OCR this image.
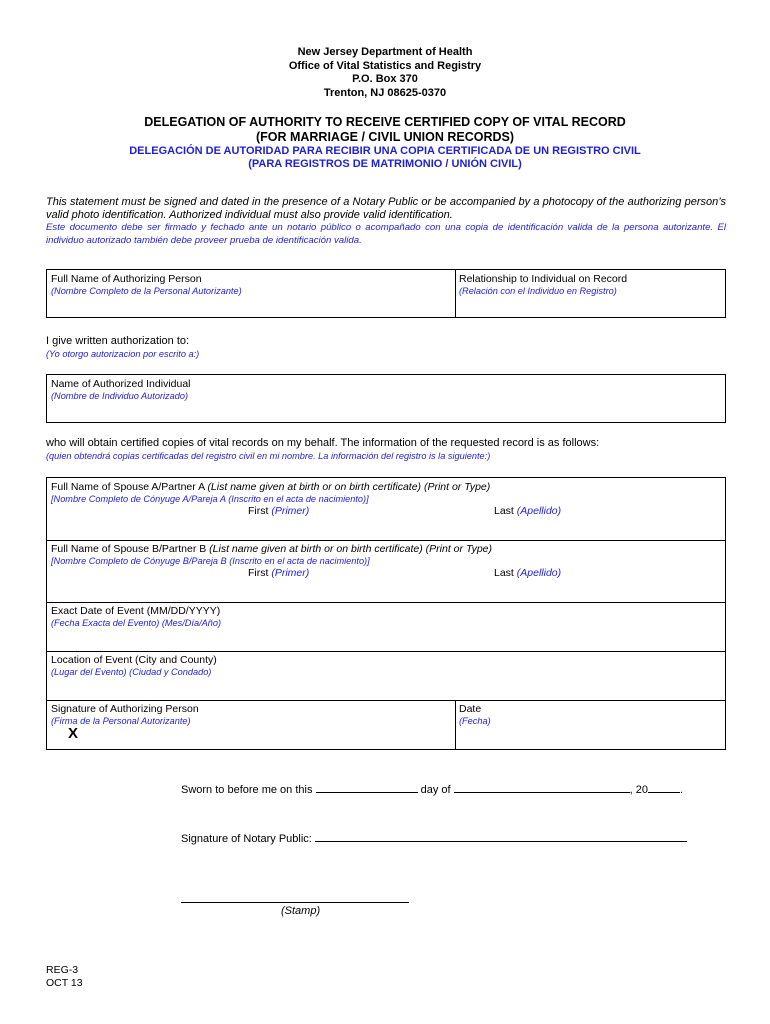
New Jersey Department of Health
Office of Vital Statistics and Registry
P.O. Box 370
Trenton, NJ 08625-0370
DELEGATION OF AUTHORITY TO RECEIVE CERTIFIED COPY OF VITAL RECORD
(FOR MARRIAGE / CIVIL UNION RECORDS)
DELEGACIÓN DE AUTORIDAD PARA RECIBIR UNA COPIA CERTIFICADA DE UN REGISTRO CIVIL
(PARA REGISTROS DE MATRIMONIO / UNIÓN CIVIL)
This statement must be signed and dated in the presence of a Notary Public or be accompanied by a photocopy of the authorizing person’s valid photo identification. Authorized individual must also provide valid identification.
Este documento debe ser firmado y fechado ante un notario público o acompañado con una copia de identificación valida de la persona autorizante. El individuo autorizado también debe proveer prueba de identificación valida.
Full Name of Authorizing Person
(Nombre Completo de la Personal Autorizante)
Relationship to Individual on Record
(Relación con el Individuo en Registro)
I give written authorization to:
(Yo otorgo autorizacion por escrito a:)
Name of Authorized Individual
(Nombre de Individuo Autorizado)
who will obtain certified copies of vital records on my behalf. The information of the requested record is as follows:
(quien obtendrá copias certificadas del registro civil en mi nombre. La información del registro is la siguiente:)
Full Name of Spouse A/Partner A (List name given at birth or on birth certificate) (Print or Type)
[Nombre Completo de Cónyuge A/Pareja A (Inscrito en el acta de nacimiento)]
First (Primer)	Last (Apellido)
Full Name of Spouse B/Partner B (List name given at birth or on birth certificate) (Print or Type)
[Nombre Completo de Cónyuge B/Pareja B (Inscrito en el acta de nacimiento)]
First (Primer)	Last (Apellido)
Exact Date of Event (MM/DD/YYYY)
(Fecha Exacta del Evento) (Mes/Día/Año)
Location of Event (City and County)
(Lugar del Evento) (Ciudad y Condado)
Signature of Authorizing Person
(Firma de la Personal Autorizante)
X
Date
(Fecha)
Sworn to before me on this	day of	, 20	.
Signature of Notary Public:
(Stamp)
REG-3
OCT 13
